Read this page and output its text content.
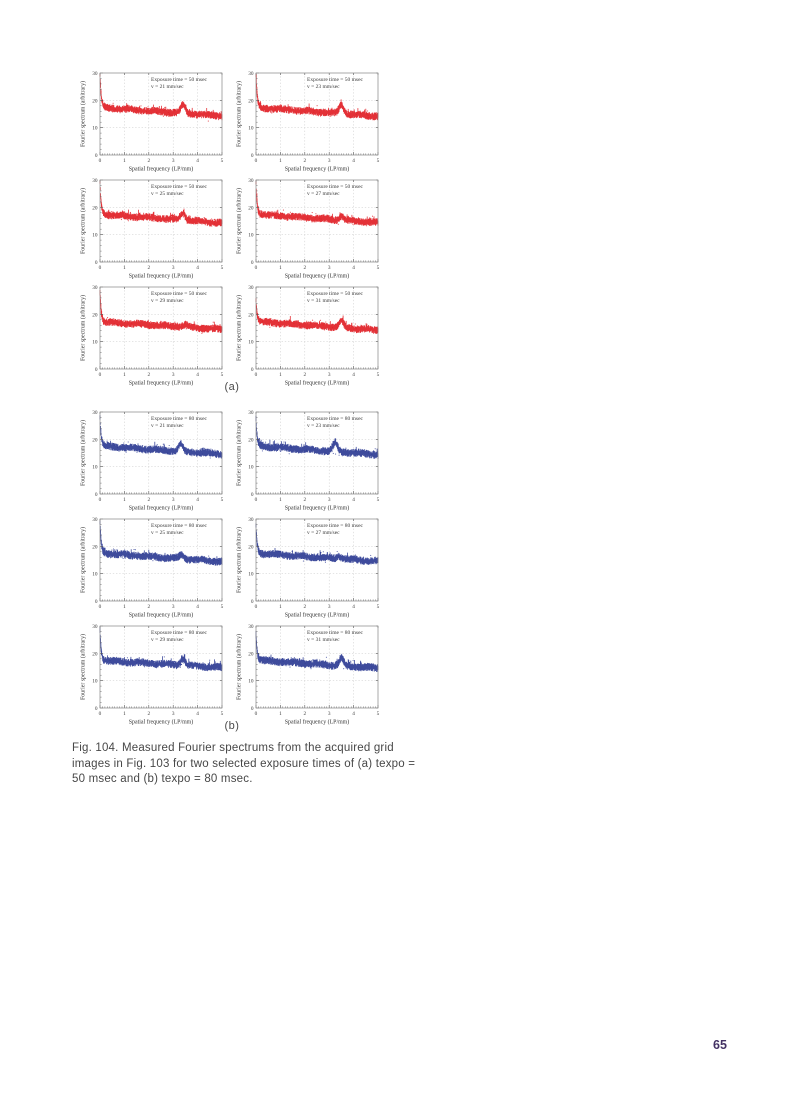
0	1	2	3	4	5
0
10
20
30
Spatial frequency (LP/mm)
Fourier spectrum (arbitrary)
Exposure time = 50 msec
v = 21 mm/sec
0	1	2	3	4	5
0
10
20
30
Spatial frequency (LP/mm)
Fourier spectrum (arbitrary)
Exposure time = 50 msec
v = 23 mm/sec
0	1	2	3	4	5
0
10
20
30
Spatial frequency (LP/mm)
Fourier spectrum (arbitrary)
Exposure time = 50 msec
v = 25 mm/sec
0	1	2	3	4	5
0
10
20
30
Spatial frequency (LP/mm)
Fourier spectrum (arbitrary)
Exposure time = 50 msec
v = 27 mm/sec
0	1	2	3	4	5
0
10
20
30
Spatial frequency (LP/mm)
Fourier spectrum (arbitrary)
Exposure time = 50 msec
v = 29 mm/sec
0	1	2	3	4	5
0
10
20
30
Spatial frequency (LP/mm)
Fourier spectrum (arbitrary)
Exposure time = 50 msec
v = 31 mm/sec
(a)
0	1	2	3	4	5
0
10
20
30
Spatial frequency (LP/mm)
Fourier spectrum (arbitrary)
Exposure time = 80 msec
v = 21 mm/sec
0	1	2	3	4	5
0
10
20
30
Spatial frequency (LP/mm)
Fourier spectrum (arbitrary)
Exposure time = 80 msec
v = 23 mm/sec
0	1	2	3	4	5
0
10
20
30
Spatial frequency (LP/mm)
Fourier spectrum (arbitrary)
Exposure time = 80 msec
v = 25 mm/sec
0	1	2	3	4	5
0
10
20
30
Spatial frequency (LP/mm)
Fourier spectrum (arbitrary)
Exposure time = 80 msec
v = 27 mm/sec
0	1	2	3	4	5
0
10
20
30
Spatial frequency (LP/mm)
Fourier spectrum (arbitrary)
Exposure time = 80 msec
v = 29 mm/sec
0	1	2	3	4	5
0
10
20
30
Spatial frequency (LP/mm)
Fourier spectrum (arbitrary)
Exposure time = 80 msec
v = 31 mm/sec
(b)

Fig. 104. Measured Fourier spectrums from the acquired grid images in Fig. 103 for two selected exposure times of (a) texpo = 50 msec and (b) texpo = 80 msec.

65
